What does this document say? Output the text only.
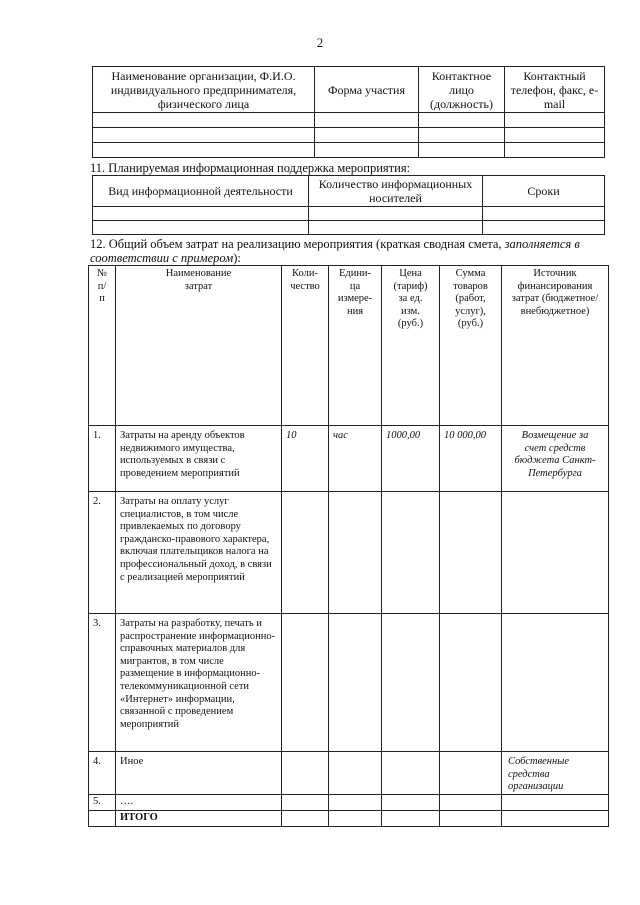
2
Наименование организации, Ф.И.О. индивидуального предпринимателя, физического лица	Форма участия	Контактное лицо (должность)	Контактный телефон, факс, e-mail

11. Планируемая информационная поддержка мероприятия:
Вид информационной деятельности	Количество информационных носителей	Сроки

12. Общий объем затрат на реализацию мероприятия (краткая сводная смета, заполняется в соответствии с примером):
№ п/ п	Наименование затрат	Коли- чество	Едини- ца измере- ния	Цена (тариф) за ед. изм. (руб.)	Сумма товаров (работ, услуг), (руб.)	Источник финансирования затрат (бюджетное/ внебюджетное)
1.	Затраты на аренду объектов недвижимого имущества, используемых в связи с проведением мероприятий	10	час	1000,00	10 000,00	Возмещение за счет средств бюджета Санкт-Петербурга
2.	Затраты на оплату услуг специалистов, в том числе привлекаемых по договору гражданско-правового характера, включая плательщиков налога на профессиональный доход, в связи с реализацией мероприятий					
3.	Затраты на разработку, печать и распространение информационно-справочных материалов для мигрантов, в том числе размещение в информационно-телекоммуникационной сети «Интернет» информации, связанной с проведением мероприятий					
4.	Иное					Собственные средства организации
5.	….					
	ИТОГО					
